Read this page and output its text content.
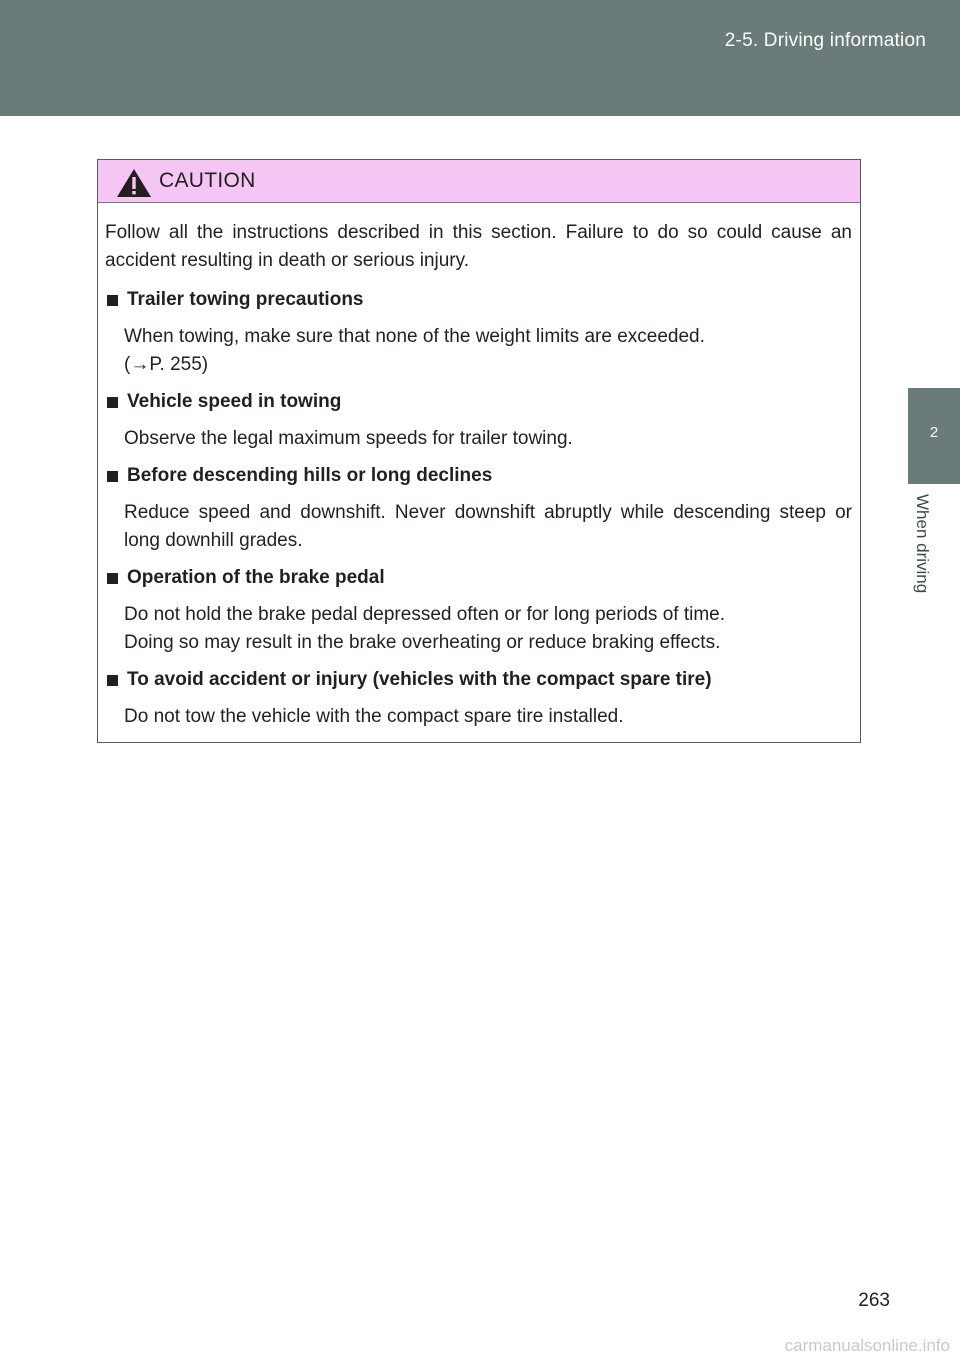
2-5. Driving information
2
When driving
CAUTION

Follow all the instructions described in this section. Failure to do so could cause an accident resulting in death or serious injury.

Trailer towing precautions

When towing, make sure that none of the weight limits are exceeded.
(→P. 255)

Vehicle speed in towing

Observe the legal maximum speeds for trailer towing.

Before descending hills or long declines

Reduce speed and downshift. Never downshift abruptly while descending steep or long downhill grades.

Operation of the brake pedal

Do not hold the brake pedal depressed often or for long periods of time.
Doing so may result in the brake overheating or reduce braking effects.

To avoid accident or injury (vehicles with the compact spare tire)

Do not tow the vehicle with the compact spare tire installed.

263
carmanualsonline.info
